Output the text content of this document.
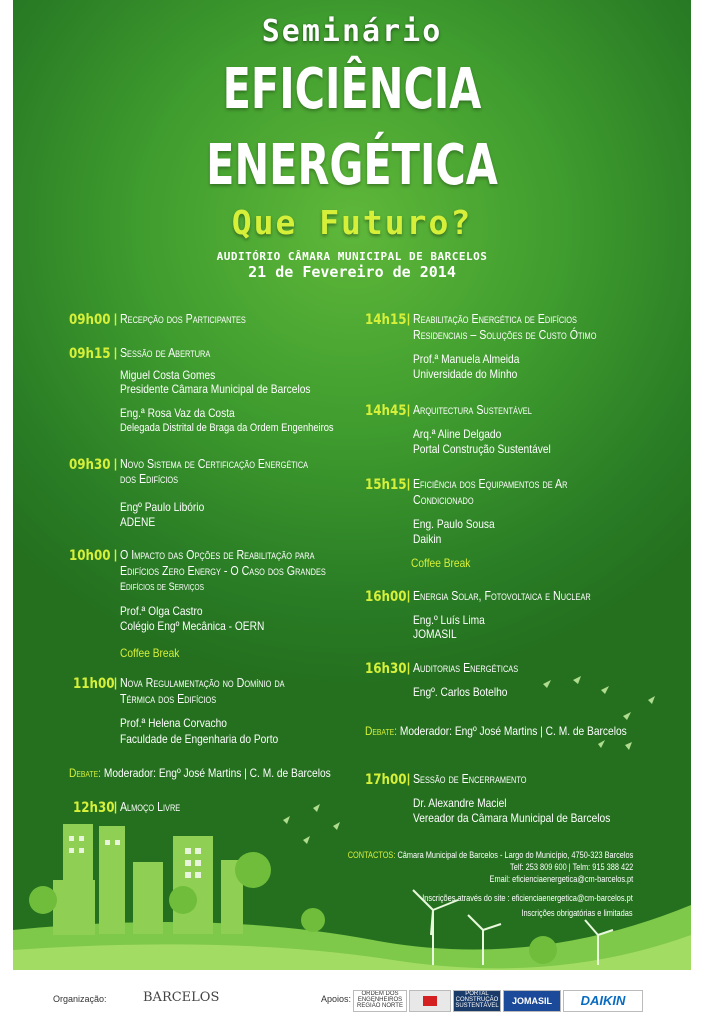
Seminário
EFICIÊNCIA
ENERGÉTICA
Que Futuro?
AUDITÓRIO CÂMARA MUNICIPAL DE BARCELOS
21 de Fevereiro de 2014
09h00 | Recepção dos Participantes
09h15 | Sessão de Abertura
Miguel Costa Gomes
Presidente Câmara Municipal de Barcelos
Eng.ª Rosa Vaz da Costa
Delegada Distrital de Braga da Ordem Engenheiros
09h30 | Novo Sistema de Certificação Energética
dos Edifícios
Engº Paulo Libório
ADENE
10h00 | O Impacto das Opções de Reabilitação para
Edifícios Zero Energy - O Caso dos Grandes
Edifícios de Serviços
Prof.ª Olga Castro
Colégio Engº Mecânica - OERN
Coffee Break
11h00 | Nova Regulamentação no Domínio da
Térmica dos Edifícios
Prof.ª Helena Corvacho
Faculdade de Engenharia do Porto
Debate: Moderador: Engº José Martins | C. M. de Barcelos
12h30 | Almoço Livre
14h15 | Reabilitação Energética de Edifícios
Residenciais – Soluções de Custo Ótimo
Prof.ª Manuela Almeida
Universidade do Minho
14h45 | Arquitectura Sustentável
Arq.ª Aline Delgado
Portal Construção Sustentável
15h15 | Eficiência dos Equipamentos de Ar
Condicionado
Eng. Paulo Sousa
Daikin
Coffee Break
16h00 | Energia Solar, Fotovoltaica e Nuclear
Eng.º Luís Lima
JOMASIL
16h30 | Auditorias Energéticas
Engº. Carlos Botelho
Debate: Moderador: Engº José Martins | C. M. de Barcelos
17h00 | Sessão de Encerramento
Dr. Alexandre Maciel
Vereador da Câmara Municipal de Barcelos
CONTACTOS: Câmara Municipal de Barcelos - Largo do Município, 4750-323 Barcelos
Telf: 253 809 600 | Telm: 915 388 422
Email: eficienciaenergetica@cm-barcelos.pt
Inscrições através do site : eficienciaenergetica@cm-barcelos.pt
Inscrições obrigatórias e limitadas
Organização:	BARCELOS	Apoios:	ORDEM DOS ENGENHEIROS REGIÃO NORTE
PORTAL CONSTRUÇÃO SUSTENTÁVEL	JOMASIL	DAIKIN
